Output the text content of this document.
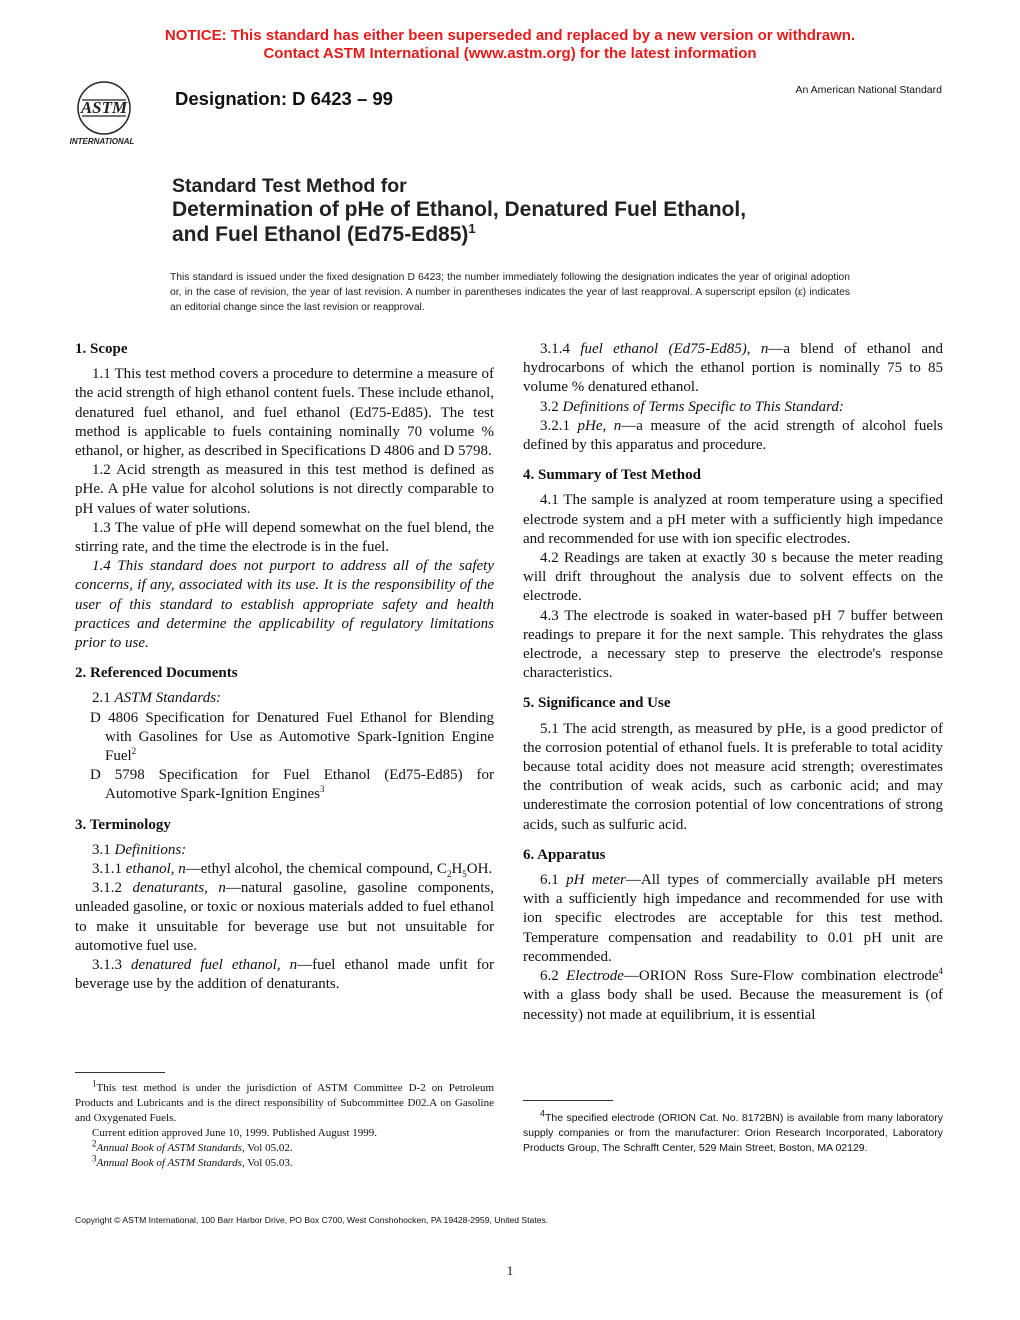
NOTICE: This standard has either been superseded and replaced by a new version or withdrawn.
Contact ASTM International (www.astm.org) for the latest information
ASTM
INTERNATIONAL
Designation: D 6423 – 99	An American National Standard
Standard Test Method for
Determination of pHe of Ethanol, Denatured Fuel Ethanol,
and Fuel Ethanol $(Ed75-Ed85)^1$
This standard is issued under the fixed designation D 6423; the number immediately following the designation indicates the year of original adoption or, in the case of revision, the year of last revision. A number in parentheses indicates the year of last reapproval. A superscript epsilon (ε) indicates an editorial change since the last revision or reapproval.
1. Scope

1.1 This test method covers a procedure to determine a measure of the acid strength of high ethanol content fuels. These include ethanol, denatured fuel ethanol, and fuel ethanol (Ed75-Ed85). The test method is applicable to fuels containing nominally 70 volume % ethanol, or higher, as described in Specifications D 4806 and D 5798.

1.2 Acid strength as measured in this test method is defined as pHe. A pHe value for alcohol solutions is not directly comparable to pH values of water solutions.

1.3 The value of pHe will depend somewhat on the fuel blend, the stirring rate, and the time the electrode is in the fuel.

1.4 This standard does not purport to address all of the safety concerns, if any, associated with its use. It is the responsibility of the user of this standard to establish appropriate safety and health practices and determine the applicability of regulatory limitations prior to use.

2. Referenced Documents

2.1 ASTM Standards:

D 4806 Specification for Denatured Fuel Ethanol for Blending with Gasolines for Use as Automotive Spark-Ignition Engine Fuel$^2$

D 5798 Specification for Fuel Ethanol (Ed75-Ed85) for Automotive Spark-Ignition Engines$^3$

3. Terminology

3.1 Definitions:

3.1.1 ethanol, n—ethyl alcohol, the chemical compound, $C_2H_5OH$.

3.1.2 denaturants, n—natural gasoline, gasoline components, unleaded gasoline, or toxic or noxious materials added to fuel ethanol to make it unsuitable for beverage use but not unsuitable for automotive fuel use.

3.1.3 denatured fuel ethanol, n—fuel ethanol made unfit for beverage use by the addition of denaturants.

3.1.4 fuel ethanol (Ed75-Ed85), n—a blend of ethanol and hydrocarbons of which the ethanol portion is nominally 75 to 85 volume % denatured ethanol.

3.2 Definitions of Terms Specific to This Standard:

3.2.1 pHe, n—a measure of the acid strength of alcohol fuels defined by this apparatus and procedure.

4. Summary of Test Method

4.1 The sample is analyzed at room temperature using a specified electrode system and a pH meter with a sufficiently high impedance and recommended for use with ion specific electrodes.

4.2 Readings are taken at exactly 30 s because the meter reading will drift throughout the analysis due to solvent effects on the electrode.

4.3 The electrode is soaked in water-based pH 7 buffer between readings to prepare it for the next sample. This rehydrates the glass electrode, a necessary step to preserve the electrode's response characteristics.

5. Significance and Use

5.1 The acid strength, as measured by pHe, is a good predictor of the corrosion potential of ethanol fuels. It is preferable to total acidity because total acidity does not measure acid strength; overestimates the contribution of weak acids, such as carbonic acid; and may underestimate the corrosion potential of low concentrations of strong acids, such as sulfuric acid.

6. Apparatus

6.1 pH meter—All types of commercially available pH meters with a sufficiently high impedance and recommended for use with ion specific electrodes are acceptable for this test method. Temperature compensation and readability to 0.01 pH unit are recommended.

6.2 Electrode—ORION Ross Sure-Flow combination electrode$^4$ with a glass body shall be used. Because the measurement is (of necessity) not made at equilibrium, it is essential

$^1$This test method is under the jurisdiction of ASTM Committee D-2 on Petroleum Products and Lubricants and is the direct responsibility of Subcommittee D02.A on Gasoline and Oxygenated Fuels.

Current edition approved June 10, 1999. Published August 1999.

$^2$Annual Book of ASTM Standards, Vol 05.02.

$^3$Annual Book of ASTM Standards, Vol 05.03.

$^4$The specified electrode (ORION Cat. No. 8172BN) is available from many laboratory supply companies or from the manufacturer: Orion Research Incorporated, Laboratory Products Group, The Schrafft Center, 529 Main Street, Boston, MA 02129.

Copyright © ASTM International, 100 Barr Harbor Drive, PO Box C700, West Conshohocken, PA 19428-2959, United States.
1
